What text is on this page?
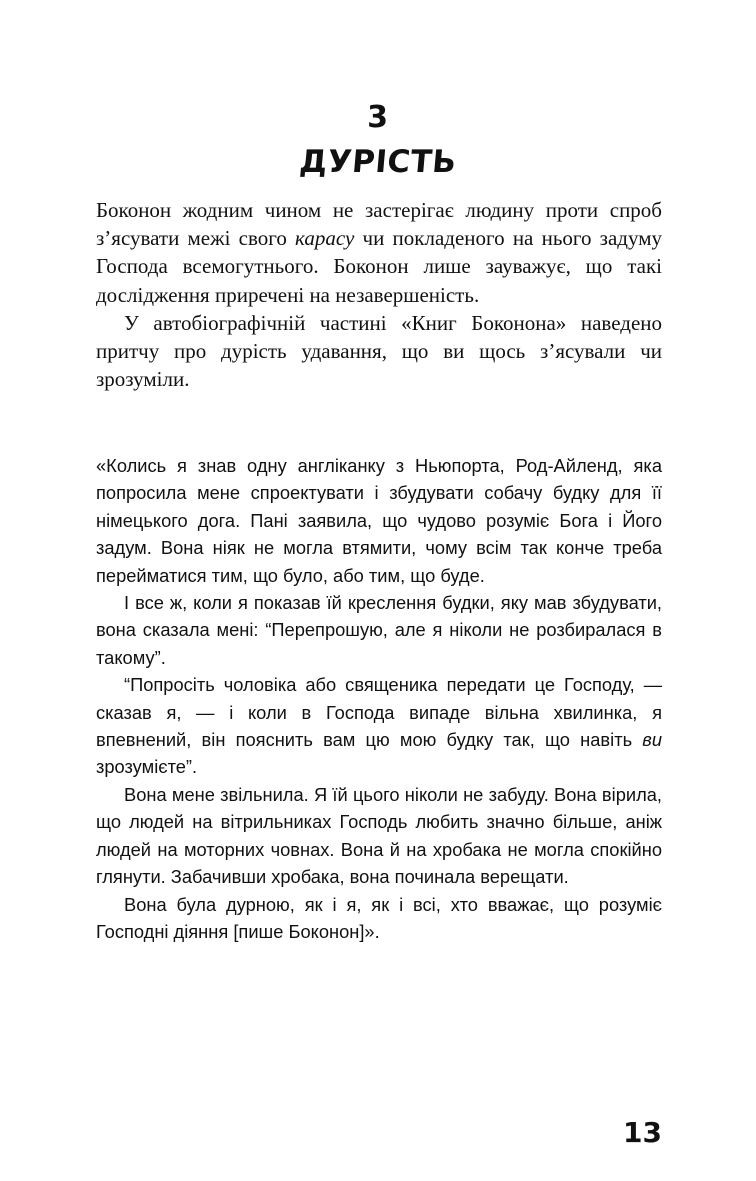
3
ДУРІСТЬ

Боконон жодним чином не застерігає людину проти спроб з’ясувати межі свого карасу чи покладеного на нього задуму Господа всемогутнього. Боконон лише зауважує, що такі дослідження приречені на незавершеність.

У автобіографічній частині «Книг Боконона» наведено притчу про дурість удавання, що ви щось з’ясували чи зрозуміли.

«Колись я знав одну англіканку з Ньюпорта, Род-Айленд, яка попросила мене спроектувати і збудувати собачу будку для її німецького дога. Пані заявила, що чудово розуміє Бога і Його задум. Вона ніяк не могла втямити, чому всім так конче треба перейматися тим, що було, або тим, що буде.

І все ж, коли я показав їй креслення будки, яку мав збудувати, вона сказала мені: “Перепрошую, але я ніколи не розбиралася в такому”.

“Попросіть чоловіка або священика передати це Господу, — сказав я, — і коли в Господа випаде вільна хвилинка, я впевнений, він пояснить вам цю мою будку так, що навіть ви зрозумієте”.

Вона мене звільнила. Я їй цього ніколи не забуду. Вона вірила, що людей на вітрильниках Господь любить значно більше, аніж людей на моторних човнах. Вона й на хробака не могла спокійно глянути. Забачивши хробака, вона починала верещати.

Вона була дурною, як і я, як і всі, хто вважає, що розуміє Господні діяння [пише Боконон]».

13
